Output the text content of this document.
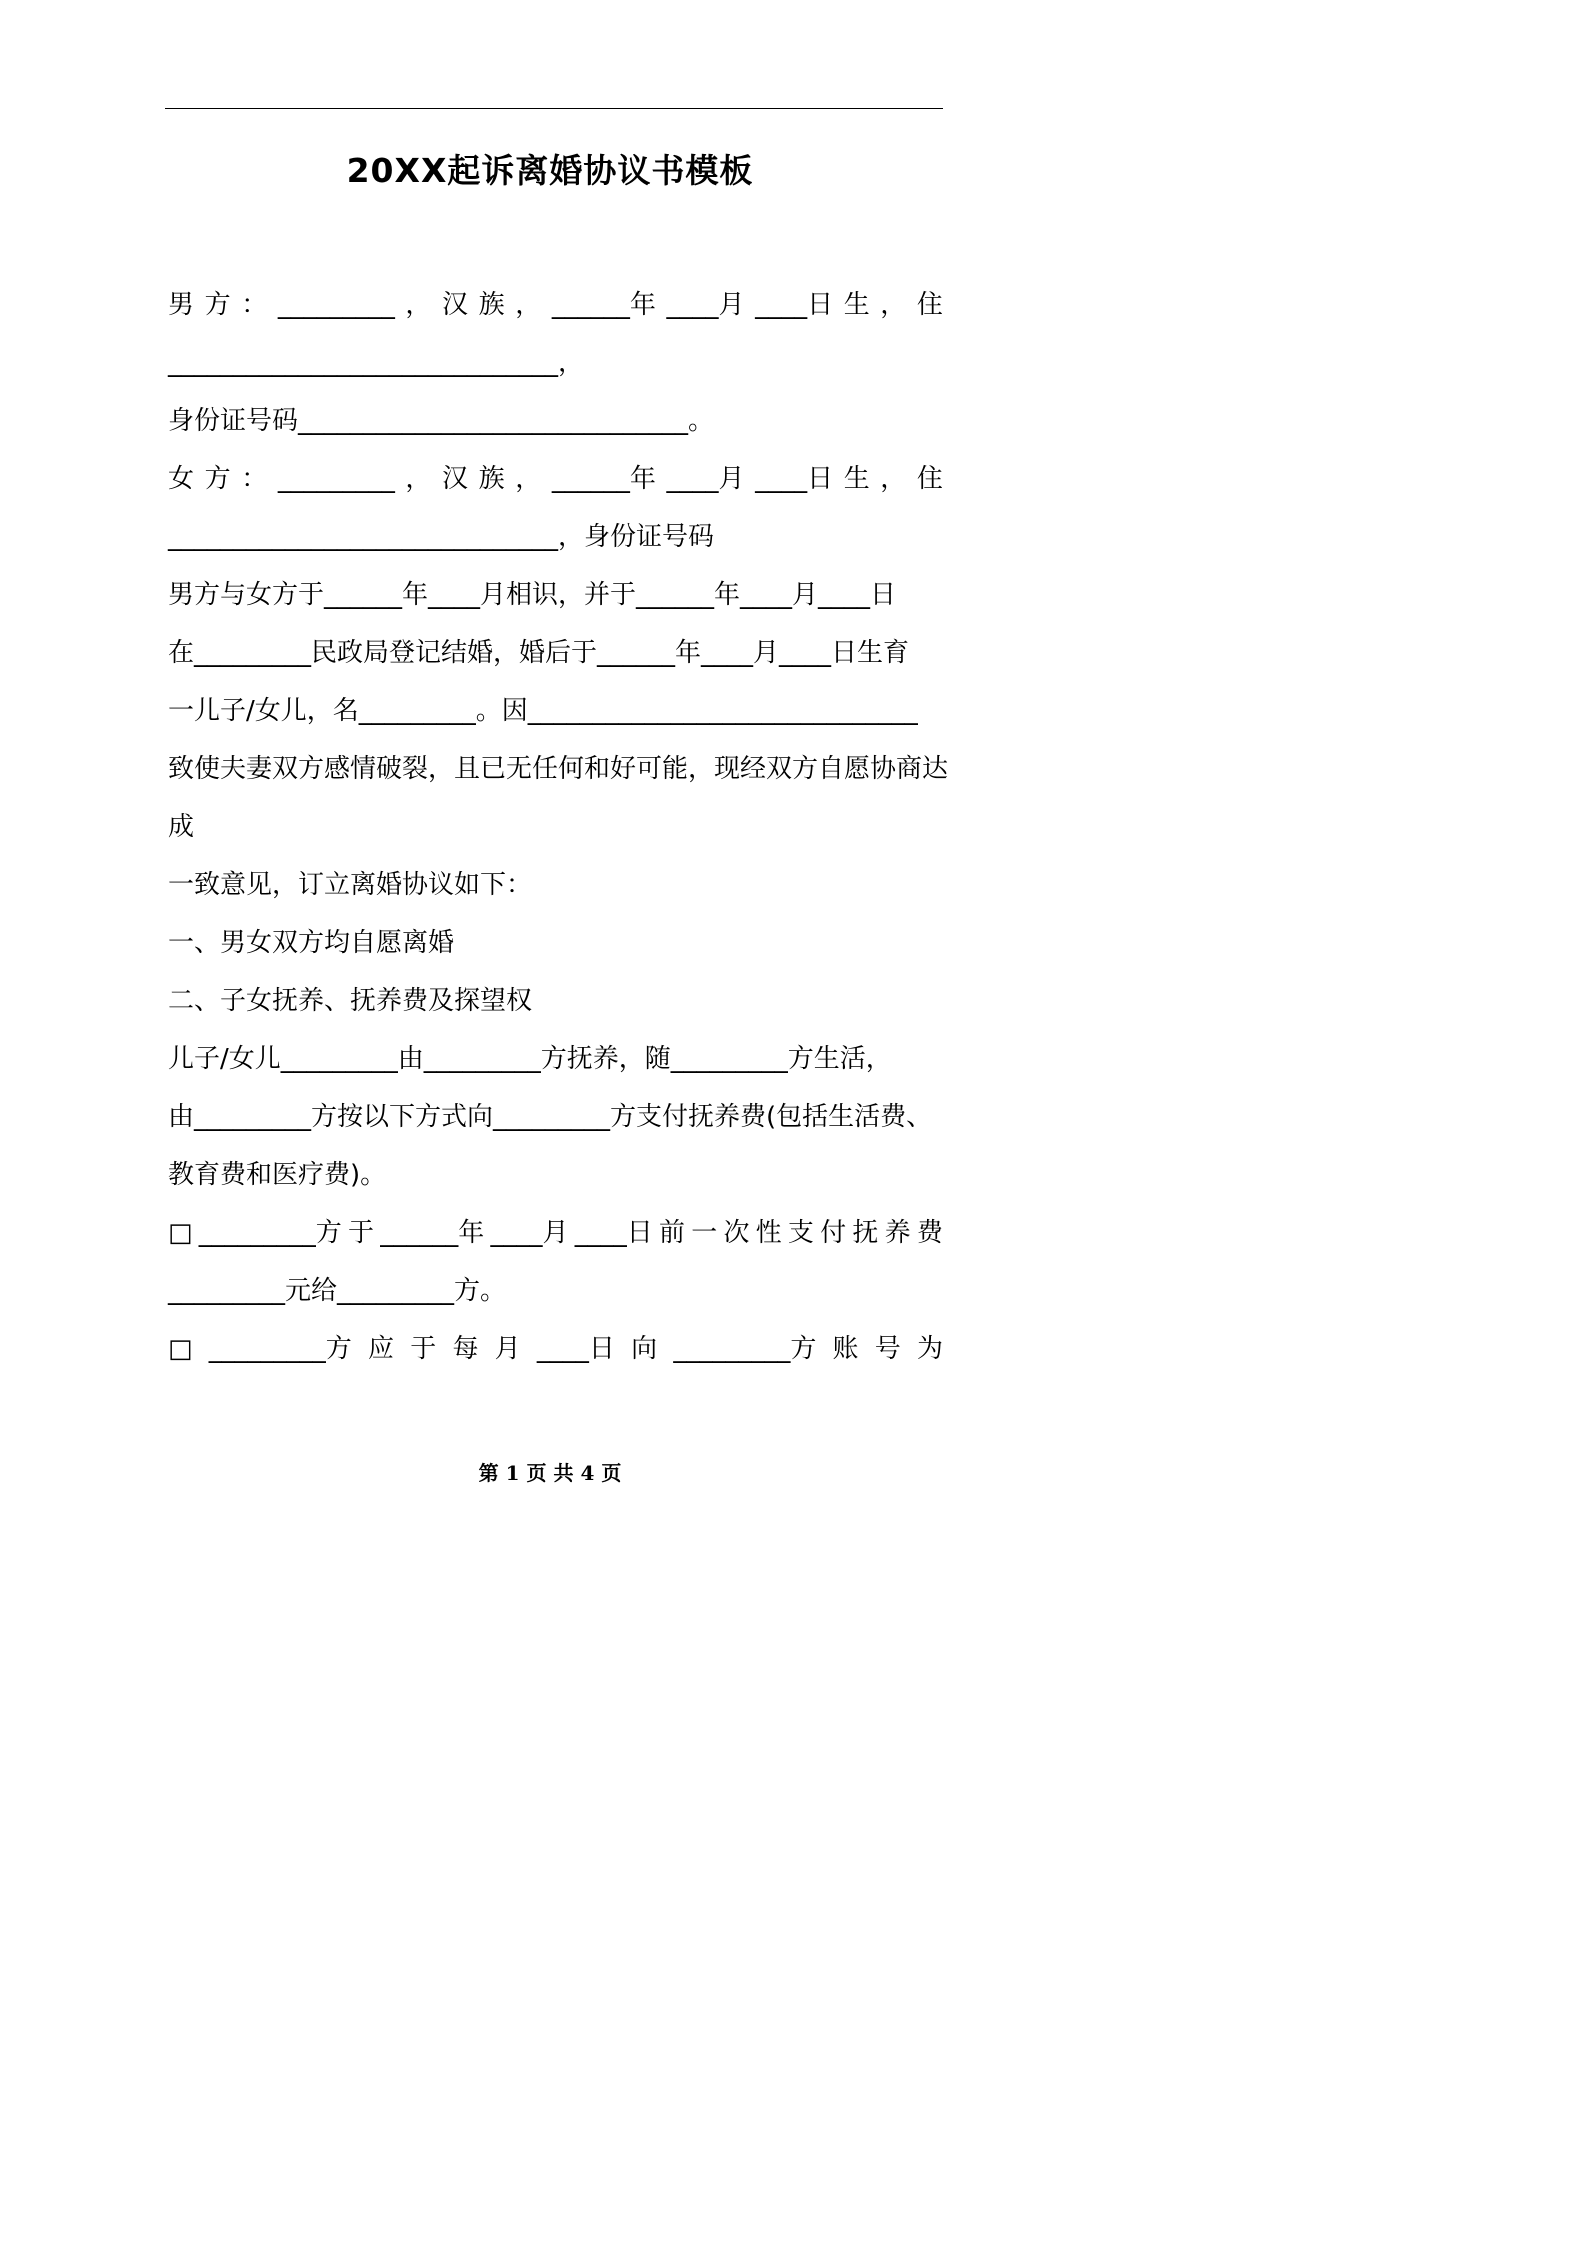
20XX起诉离婚协议书模板
男 方 ： _________ ， 汉 族 ， ______年 ____月 ____日 生 ， 住
______________________________，
身份证号码______________________________。
女 方 ： _________ ， 汉 族 ， ______年 ____月 ____日 生 ， 住
______________________________，身份证号码
男方与女方于______年____月相识，并于______年____月____日
在_________民政局登记结婚，婚后于______年____月____日生育
一儿子/女儿，名_________。因______________________________
致使夫妻双方感情破裂，且已无任何和好可能，现经双方自愿协商达
成
一致意见，订立离婚协议如下：
一、男女双方均自愿离婚
二、子女抚养、抚养费及探望权
儿子/女儿_________由_________方抚养，随_________方生活，
由_________方按以下方式向_________方支付抚养费(包括生活费、
教育费和医疗费)。
□ _________方 于 ______年 ____月 ____日 前 一 次 性 支 付 抚 养 费
_________元给_________方。
□ _________方 应 于 每 月 ____日 向 _________方 账 号 为
第 1 页 共 4 页
